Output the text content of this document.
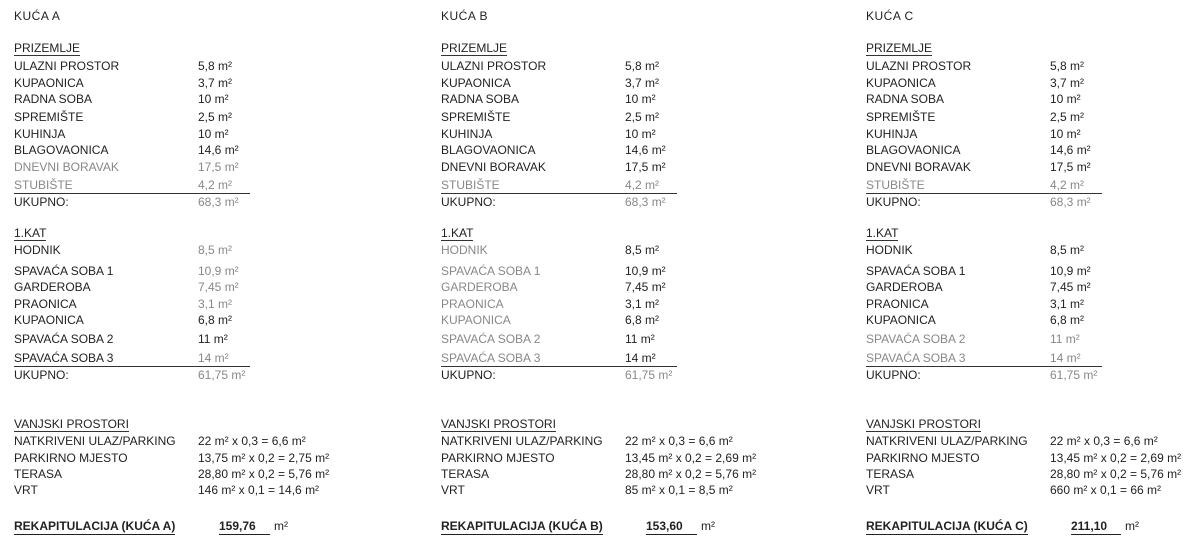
KUĆA A
PRIZEMLJE
ULAZNI PROSTOR	5,8 m²
KUPAONICA	3,7 m²
RADNA SOBA	10 m²
SPREMIŠTE	2,5 m²
KUHINJA	10 m²
BLAGOVAONICA	14,6 m²
DNEVNI BORAVAK	17,5 m²
STUBIŠTE	4,2 m²
UKUPNO:	68,3 m²
1.KAT
HODNIK	8,5 m²
SPAVAĆA SOBA 1	10,9 m²
GARDEROBA	7,45 m²
PRAONICA	3,1 m²
KUPAONICA	6,8 m²
SPAVAĆA SOBA 2	11 m²
SPAVAĆA SOBA 3	14 m²
UKUPNO:	61,75 m²
VANJSKI PROSTORI
NATKRIVENI ULAZ/PARKING 22 m² x 0,3 = 6,6 m²
PARKIRNO MJESTO	13,75 m² x 0,2 = 2,75 m²
TERASA	28,80 m² x 0,2 = 5,76 m²
VRT	146 m² x 0,1 = 14,6 m²
REKAPITULACIJA (KUĆA A)	159,76	m²
KUĆA B
PRIZEMLJE
ULAZNI PROSTOR	5,8 m²
KUPAONICA	3,7 m²
RADNA SOBA	10 m²
SPREMIŠTE	2,5 m²
KUHINJA	10 m²
BLAGOVAONICA	14,6 m²
DNEVNI BORAVAK	17,5 m²
STUBIŠTE	4,2 m²
UKUPNO:	68,3 m²
1.KAT
HODNIK	8,5 m²
SPAVAĆA SOBA 1	10,9 m²
GARDEROBA	7,45 m²
PRAONICA	3,1 m²
KUPAONICA	6,8 m²
SPAVAĆA SOBA 2	11 m²
SPAVAĆA SOBA 3	14 m²
UKUPNO:	61,75 m²
VANJSKI PROSTORI
NATKRIVENI ULAZ/PARKING 22 m² x 0,3 = 6,6 m²
PARKIRNO MJESTO	13,45 m² x 0,2 = 2,69 m²
TERASA	28,80 m² x 0,2 = 5,76 m²
VRT	85 m² x 0,1 = 8,5 m²
REKAPITULACIJA (KUĆA B)	153,60	m²
KUĆA C
PRIZEMLJE
ULAZNI PROSTOR	5,8 m²
KUPAONICA	3,7 m²
RADNA SOBA	10 m²
SPREMIŠTE	2,5 m²
KUHINJA	10 m²
BLAGOVAONICA	14,6 m²
DNEVNI BORAVAK	17,5 m²
STUBIŠTE	4,2 m²
UKUPNO:	68,3 m²
1.KAT
HODNIK	8,5 m²
SPAVAĆA SOBA 1	10,9 m²
GARDEROBA	7,45 m²
PRAONICA	3,1 m²
KUPAONICA	6,8 m²
SPAVAĆA SOBA 2	11 m²
SPAVAĆA SOBA 3	14 m²
UKUPNO:	61,75 m²
VANJSKI PROSTORI
NATKRIVENI ULAZ/PARKING 22 m² x 0,3 = 6,6 m²
PARKIRNO MJESTO	13,45 m² x 0,2 = 2,69 m²
TERASA	28,80 m² x 0,2 = 5,76 m²
VRT	660 m² x 0,1 = 66 m²
REKAPITULACIJA (KUĆA C)	211,10	m²
